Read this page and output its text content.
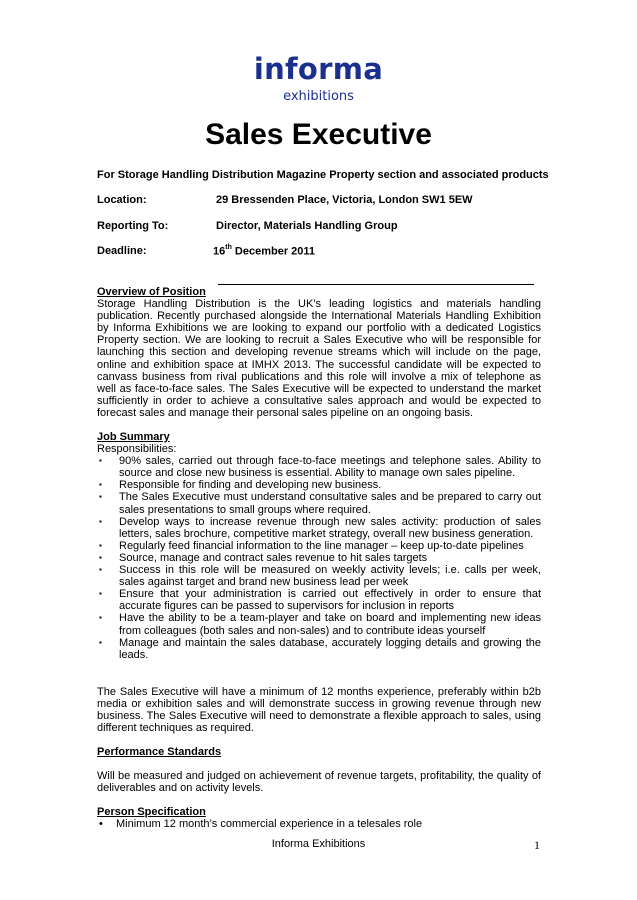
informa
exhibitions
Sales Executive
For Storage Handling Distribution Magazine Property section and associated products
Location:	29 Bressenden Place, Victoria, London SW1 5EW
Reporting To:	Director, Materials Handling Group
Deadline:	16th December 2011
Overview of Position
Storage Handling Distribution is the UK’s leading logistics and materials handling publication. Recently purchased alongside the International Materials Handling Exhibition by Informa Exhibitions we are looking to expand our portfolio with a dedicated Logistics Property section. We are looking to recruit a Sales Executive who will be responsible for launching this section and developing revenue streams which will include on the page, online and exhibition space at IMHX 2013. The successful candidate will be expected to canvass business from rival publications and this role will involve a mix of telephone as well as face-to-face sales. The Sales Executive will be expected to understand the market sufficiently in order to achieve a consultative sales approach and would be expected to forecast sales and manage their personal sales pipeline on an ongoing basis.
Job Summary
Responsibilities:
▪ 90% sales, carried out through face-to-face meetings and telephone sales. Ability to source and close new business is essential. Ability to manage own sales pipeline.
▪ Responsible for finding and developing new business.
▪ The Sales Executive must understand consultative sales and be prepared to carry out sales presentations to small groups where required.
▪ Develop ways to increase revenue through new sales activity: production of sales letters, sales brochure, competitive market strategy, overall new business generation.
▪ Regularly feed financial information to the line manager – keep up-to-date pipelines
▪ Source, manage and contract sales revenue to hit sales targets
▪ Success in this role will be measured on weekly activity levels; i.e. calls per week, sales against target and brand new business lead per week
▪ Ensure that your administration is carried out effectively in order to ensure that accurate figures can be passed to supervisors for inclusion in reports
▪ Have the ability to be a team-player and take on board and implementing new ideas from colleagues (both sales and non-sales) and to contribute ideas yourself
▪ Manage and maintain the sales database, accurately logging details and growing the leads.
The Sales Executive will have a minimum of 12 months experience, preferably within b2b media or exhibition sales and will demonstrate success in growing revenue through new business. The Sales Executive will need to demonstrate a flexible approach to sales, using different techniques as required.
Performance Standards
Will be measured and judged on achievement of revenue targets, profitability, the quality of deliverables and on activity levels.
Person Specification
• Minimum 12 month’s commercial experience in a telesales role
Informa Exhibitions	1
